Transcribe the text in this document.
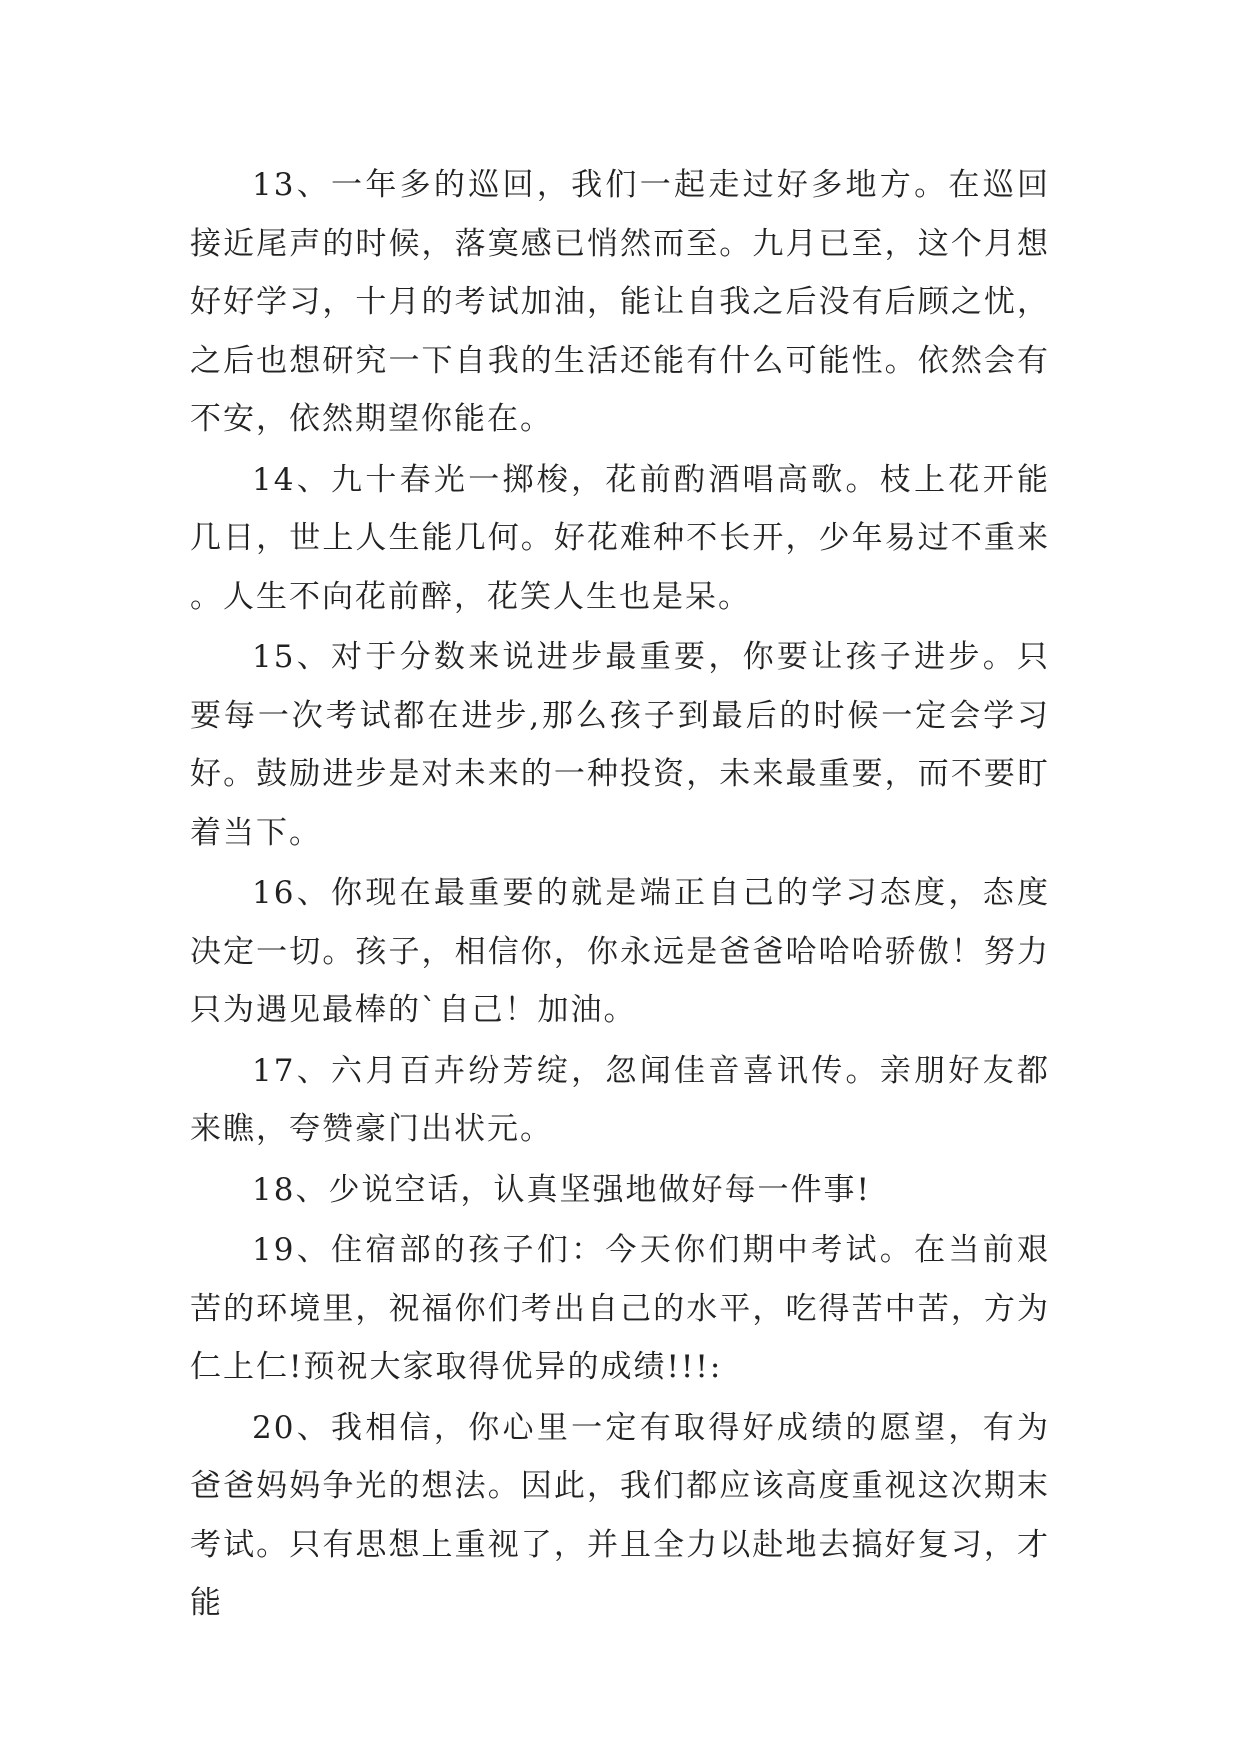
13、一年多的巡回，我们一起走过好多地方。在巡回接近尾声的时候，落寞感已悄然而至。九月已至，这个月想好好学习，十月的考试加油，能让自我之后没有后顾之忧，之后也想研究一下自我的生活还能有什么可能性。依然会有不安，依然期望你能在。

14、九十春光一掷梭，花前酌酒唱高歌。枝上花开能几日，世上人生能几何。好花难种不长开，少年易过不重来。人生不向花前醉，花笑人生也是呆。

15、对于分数来说进步最重要，你要让孩子进步。只要每一次考试都在进步,那么孩子到最后的时候一定会学习好。鼓励进步是对未来的一种投资，未来最重要，而不要盯着当下。

16、你现在最重要的就是端正自己的学习态度，态度决定一切。孩子，相信你，你永远是爸爸哈哈哈骄傲！努力只为遇见最棒的`自己！加油。

17、六月百卉纷芳绽，忽闻佳音喜讯传。亲朋好友都来瞧，夸赞豪门出状元。

18、少说空话，认真坚强地做好每一件事!

19、住宿部的孩子们：今天你们期中考试。在当前艰苦的环境里，祝福你们考出自己的水平，吃得苦中苦，方为仁上仁!预祝大家取得优异的成绩!!!:

20、我相信，你心里一定有取得好成绩的愿望，有为爸爸妈妈争光的想法。因此，我们都应该高度重视这次期末考试。只有思想上重视了，并且全力以赴地去搞好复习，才能
